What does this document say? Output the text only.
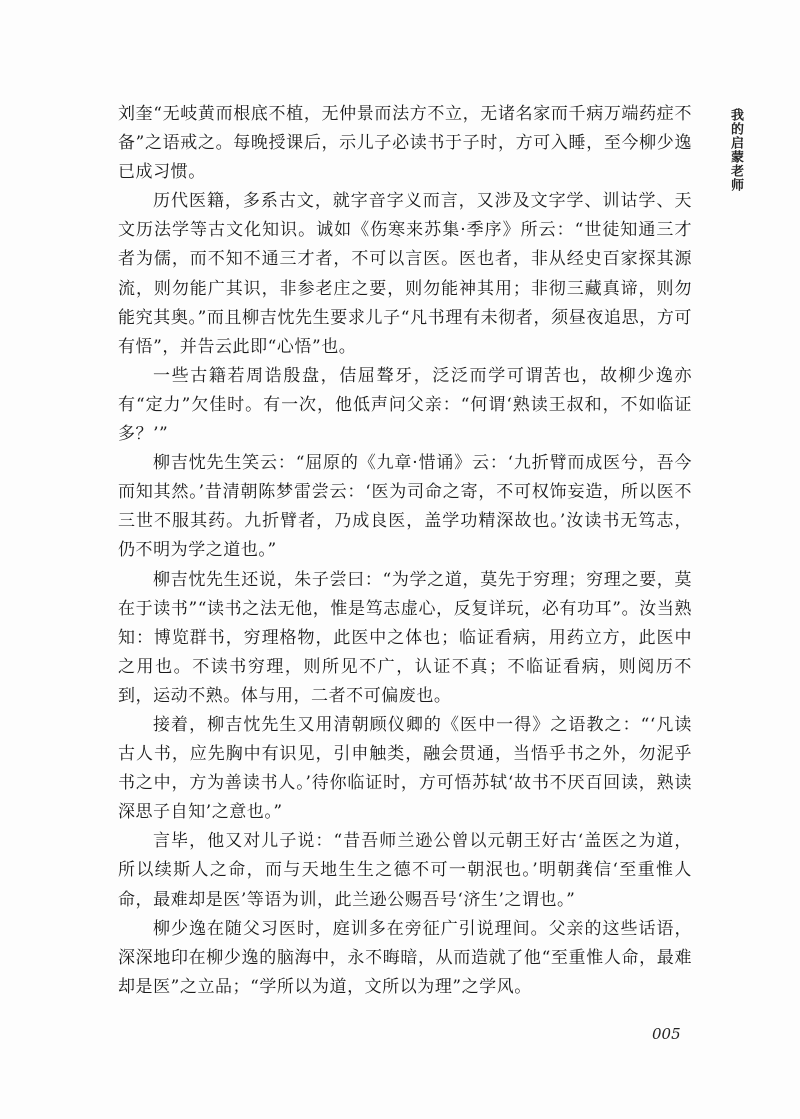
我的启蒙老师

刘奎“无岐黄而根底不植，无仲景而法方不立，无诸名家而千病万端药症不备”之语戒之。每晚授课后，示儿子必读书于子时，方可入睡，至今柳少逸已成习惯。

历代医籍，多系古文，就字音字义而言，又涉及文字学、训诂学、天文历法学等古文化知识。诚如《伤寒来苏集·季序》所云：“世徒知通三才者为儒，而不知不通三才者，不可以言医。医也者，非从经史百家探其源流，则勿能广其识，非参老庄之要，则勿能神其用；非彻三藏真谛，则勿能究其奥。”而且柳吉忱先生要求儿子“凡书理有未彻者，须昼夜追思，方可有悟”，并告云此即“心悟”也。

一些古籍若周诰殷盘，佶屈聱牙，泛泛而学可谓苦也，故柳少逸亦有“定力”欠佳时。有一次，他低声问父亲：“何谓‘熟读王叔和，不如临证多？’”

柳吉忱先生笑云：“屈原的《九章·惜诵》云：‘九折臂而成医兮，吾今而知其然。’昔清朝陈梦雷尝云：‘医为司命之寄，不可权饰妄造，所以医不三世不服其药。九折臂者，乃成良医，盖学功精深故也。’汝读书无笃志，仍不明为学之道也。”

柳吉忱先生还说，朱子尝曰：“为学之道，莫先于穷理；穷理之要，莫在于读书”“读书之法无他，惟是笃志虚心，反复详玩，必有功耳”。汝当熟知：博览群书，穷理格物，此医中之体也；临证看病，用药立方，此医中之用也。不读书穷理，则所见不广，认证不真；不临证看病，则阅历不到，运动不熟。体与用，二者不可偏废也。

接着，柳吉忱先生又用清朝顾仪卿的《医中一得》之语教之：“‘凡读古人书，应先胸中有识见，引申触类，融会贯通，当悟乎书之外，勿泥乎书之中，方为善读书人。’待你临证时，方可悟苏轼‘故书不厌百回读，熟读深思子自知’之意也。”

言毕，他又对儿子说：“昔吾师兰逊公曾以元朝王好古‘盖医之为道，所以续斯人之命，而与天地生生之德不可一朝泯也。’明朝龚信‘至重惟人命，最难却是医’等语为训，此兰逊公赐吾号‘济生’之谓也。”

柳少逸在随父习医时，庭训多在旁征广引说理间。父亲的这些话语，深深地印在柳少逸的脑海中，永不晦暗，从而造就了他“至重惟人命，最难却是医”之立品；“学所以为道，文所以为理”之学风。

005
